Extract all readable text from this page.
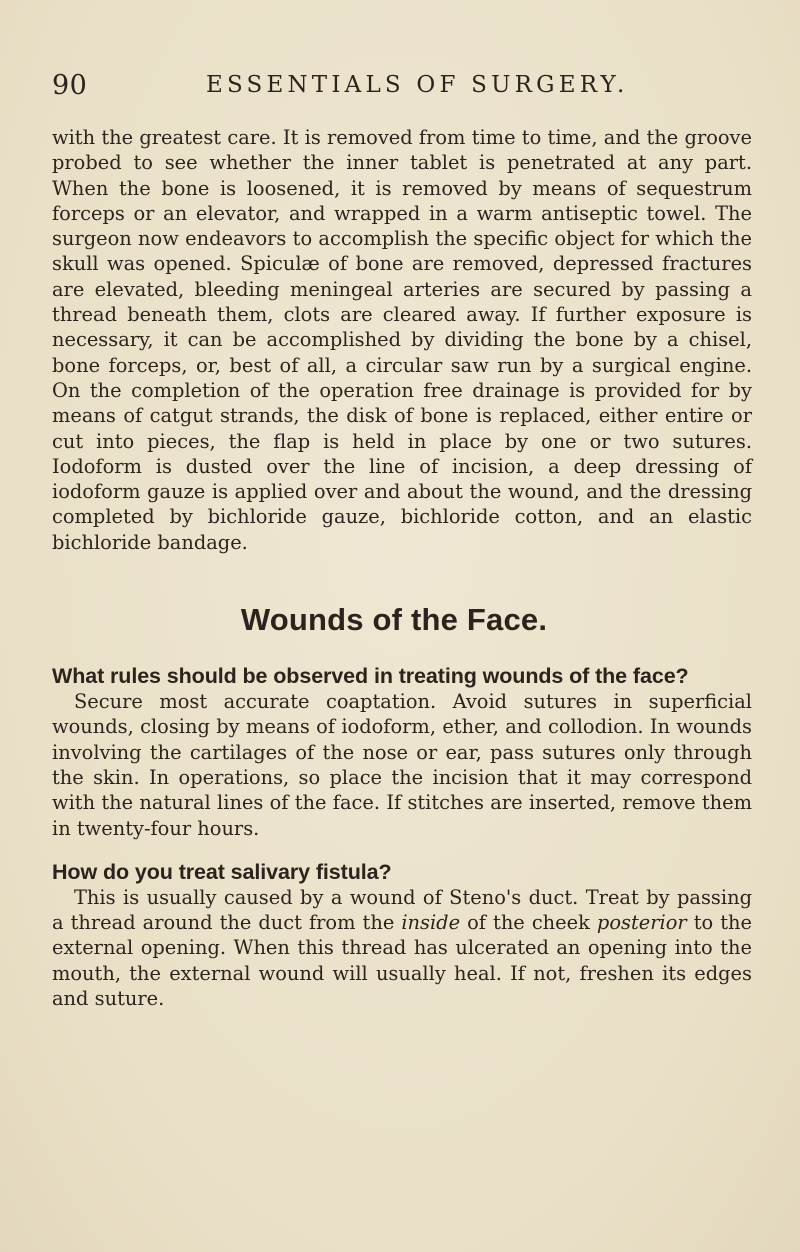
90	ESSENTIALS OF SURGERY.

with the greatest care. It is removed from time to time, and the groove probed to see whether the inner tablet is penetrated at any part. When the bone is loosened, it is removed by means of sequestrum forceps or an elevator, and wrapped in a warm antiseptic towel. The surgeon now endeavors to accomplish the specific object for which the skull was opened. Spiculæ of bone are removed, depressed fractures are elevated, bleeding meningeal arteries are secured by passing a thread beneath them, clots are cleared away. If further exposure is necessary, it can be accomplished by dividing the bone by a chisel, bone forceps, or, best of all, a circular saw run by a surgical engine. On the completion of the operation free drainage is provided for by means of catgut strands, the disk of bone is replaced, either entire or cut into pieces, the flap is held in place by one or two sutures. Iodoform is dusted over the line of incision, a deep dressing of iodoform gauze is applied over and about the wound, and the dressing completed by bichloride gauze, bichloride cotton, and an elastic bichloride bandage.

Wounds of the Face.
What rules should be observed in treating wounds of the face?

Secure most accurate coaptation. Avoid sutures in superficial wounds, closing by means of iodoform, ether, and collodion. In wounds involving the cartilages of the nose or ear, pass sutures only through the skin. In operations, so place the incision that it may correspond with the natural lines of the face. If stitches are inserted, remove them in twenty-four hours.

How do you treat salivary fistula?

This is usually caused by a wound of Steno's duct. Treat by passing a thread around the duct from the inside of the cheek posterior to the external opening. When this thread has ulcerated an opening into the mouth, the external wound will usually heal. If not, freshen its edges and suture.
